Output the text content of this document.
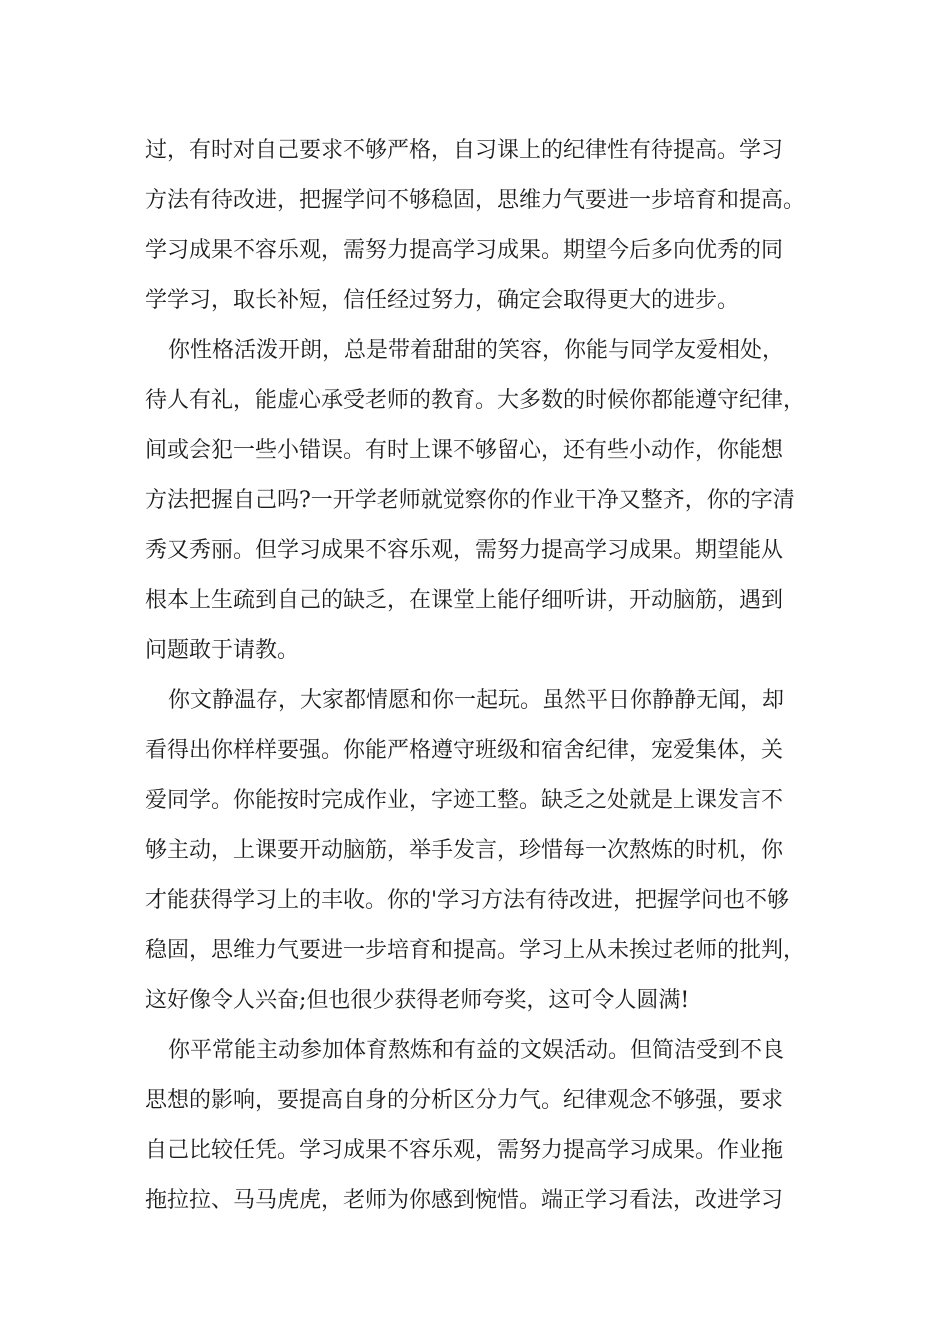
过，有时对自己要求不够严格，自习课上的纪律性有待提高。学习

方法有待改进，把握学问不够稳固，思维力气要进一步培育和提高。

学习成果不容乐观，需努力提高学习成果。期望今后多向优秀的同

学学习，取长补短，信任经过努力，确定会取得更大的进步。

你性格活泼开朗，总是带着甜甜的笑容，你能与同学友爱相处，

待人有礼，能虚心承受老师的教育。大多数的时候你都能遵守纪律，

间或会犯一些小错误。有时上课不够留心，还有些小动作，你能想

方法把握自己吗?一开学老师就觉察你的作业干净又整齐，你的字清

秀又秀丽。但学习成果不容乐观，需努力提高学习成果。期望能从

根本上生疏到自己的缺乏，在课堂上能仔细听讲，开动脑筋，遇到

问题敢于请教。

你文静温存，大家都情愿和你一起玩。虽然平日你静静无闻，却

看得出你样样要强。你能严格遵守班级和宿舍纪律，宠爱集体，关

爱同学。你能按时完成作业，字迹工整。缺乏之处就是上课发言不

够主动，上课要开动脑筋，举手发言，珍惜每一次熬炼的时机，你

才能获得学习上的丰收。你的'学习方法有待改进，把握学问也不够

稳固，思维力气要进一步培育和提高。学习上从未挨过老师的批判，

这好像令人兴奋;但也很少获得老师夸奖，这可令人圆满!

你平常能主动参加体育熬炼和有益的文娱活动。但简洁受到不良

思想的影响，要提高自身的分析区分力气。纪律观念不够强，要求

自己比较任凭。学习成果不容乐观，需努力提高学习成果。作业拖

拖拉拉、马马虎虎，老师为你感到惋惜。端正学习看法，改进学习
